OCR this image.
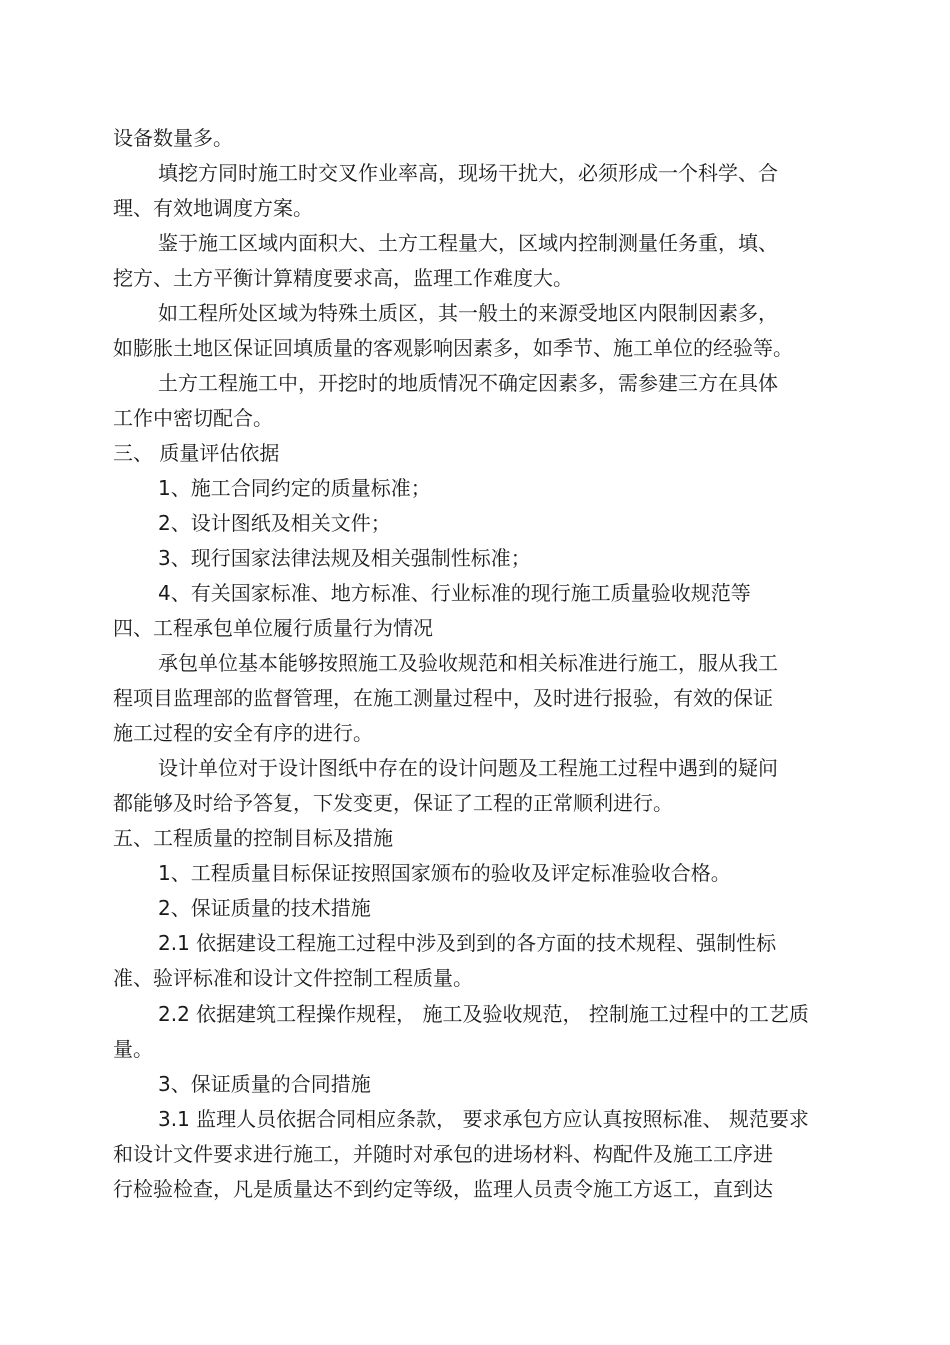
设备数量多。
填挖方同时施工时交叉作业率高，现场干扰大，必须形成一个科学、合
理、有效地调度方案。
鉴于施工区域内面积大、土方工程量大，区域内控制测量任务重，填、
挖方、土方平衡计算精度要求高，监理工作难度大。
如工程所处区域为特殊土质区，其一般土的来源受地区内限制因素多，
如膨胀土地区保证回填质量的客观影响因素多，如季节、施工单位的经验等。
土方工程施工中，开挖时的地质情况不确定因素多，需参建三方在具体
工作中密切配合。
三、 质量评估依据
1、施工合同约定的质量标准；
2、设计图纸及相关文件；
3、现行国家法律法规及相关强制性标准；
4、有关国家标准、地方标准、行业标准的现行施工质量验收规范等
四、工程承包单位履行质量行为情况
承包单位基本能够按照施工及验收规范和相关标准进行施工，服从我工
程项目监理部的监督管理，在施工测量过程中，及时进行报验，有效的保证
施工过程的安全有序的进行。
设计单位对于设计图纸中存在的设计问题及工程施工过程中遇到的疑问
都能够及时给予答复，下发变更，保证了工程的正常顺利进行。
五、工程质量的控制目标及措施
1、工程质量目标保证按照国家颁布的验收及评定标准验收合格。
2、保证质量的技术措施
2.1 依据建设工程施工过程中涉及到到的各方面的技术规程、强制性标
准、验评标准和设计文件控制工程质量。
2.2 依据建筑工程操作规程， 施工及验收规范， 控制施工过程中的工艺质
量。
3、保证质量的合同措施
3.1 监理人员依据合同相应条款， 要求承包方应认真按照标准、 规范要求
和设计文件要求进行施工，并随时对承包的进场材料、构配件及施工工序进
行检验检查，凡是质量达不到约定等级，监理人员责令施工方返工，直到达
